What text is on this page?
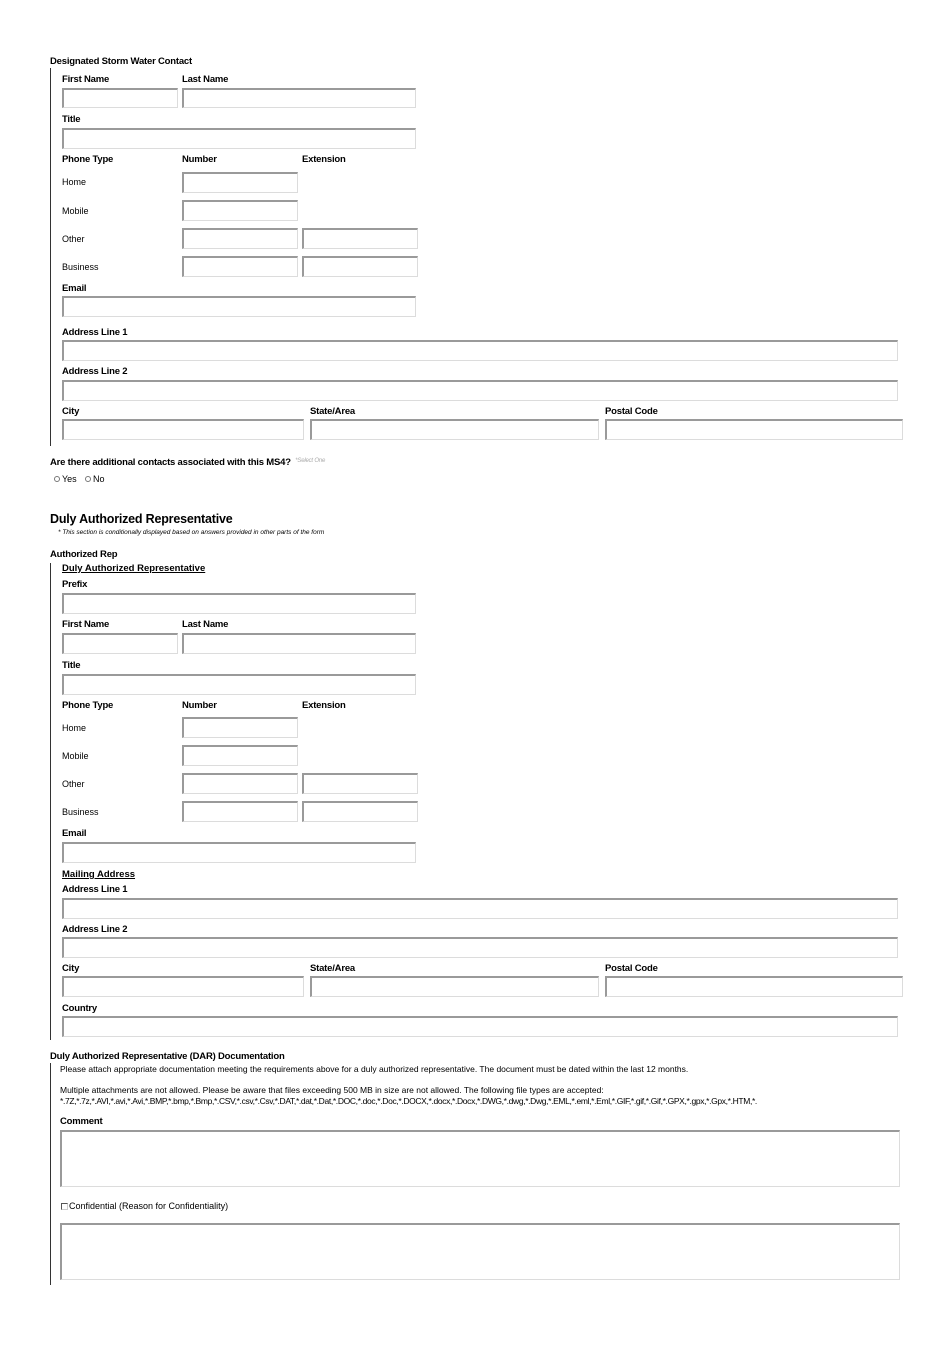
Designated Storm Water Contact
First Name	Last Name
Title
Phone Type	Number	Extension
Home
Mobile
Other
Business
Email
Address Line 1
Address Line 2
City	State/Area	Postal Code
Are there additional contacts associated with this MS4? $^{*Select One}$
Yes	No
Duly Authorized Representative
* This section is conditionally displayed based on answers provided in other parts of the form
Authorized Rep
Duly Authorized Representative
Prefix
First Name	Last Name
Title
Phone Type	Number	Extension
Home
Mobile
Other
Business
Email
Mailing Address
Address Line 1
Address Line 2
City	State/Area	Postal Code
Country
Duly Authorized Representative (DAR) Documentation
Please attach appropriate documentation meeting the requirements above for a duly authorized representative. The document must be dated within the last 12 months.
Multiple attachments are not allowed. Please be aware that files exceeding 500 MB in size are not allowed. The following file types are accepted:
*.7Z,*.7z,*.AVI,*.avi,*.Avi,*.BMP,*.bmp,*.Bmp,*.CSV,*.csv,*.Csv,*.DAT,*.dat,*.Dat,*.DOC,*.doc,*.Doc,*.DOCX,*.docx,*.Docx,*.DWG,*.dwg,*.Dwg,*.EML,*.eml,*.Eml,*.GIF,*.gif,*.Gif,*.GPX,*.gpx,*.Gpx,*.HTM,*.
Comment
Confidential (Reason for Confidentiality)
